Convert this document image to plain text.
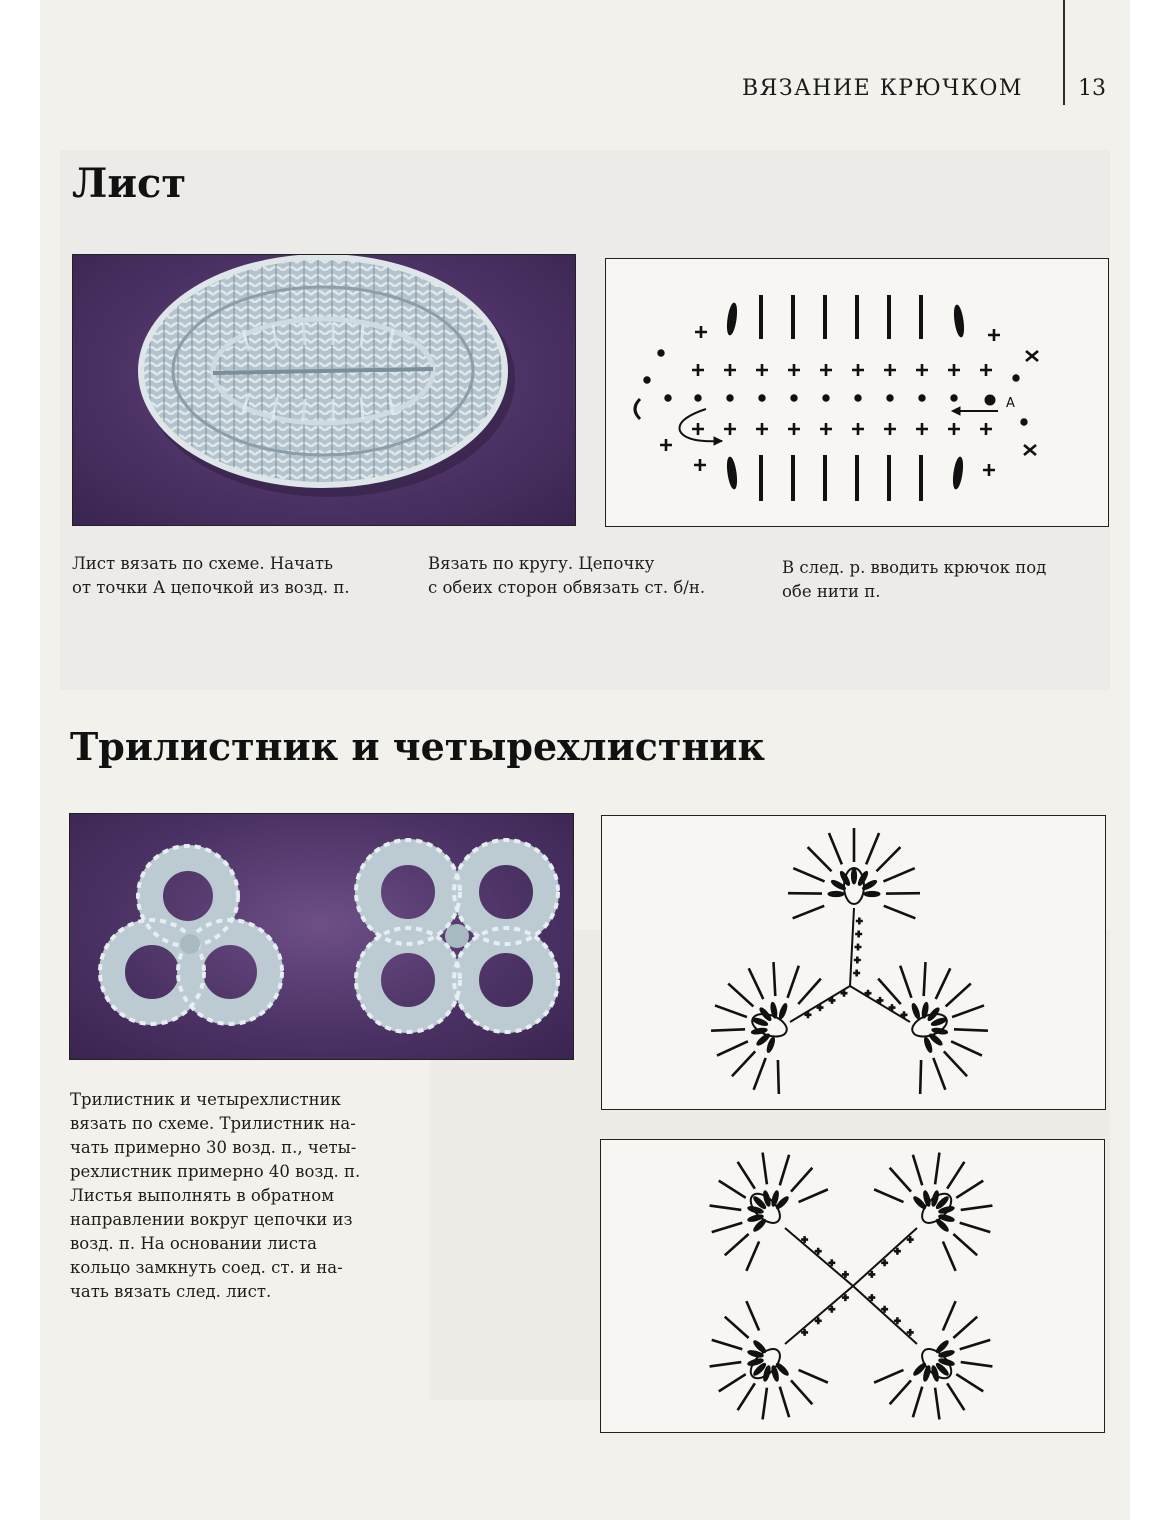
ВЯЗАНИЕ КРЮЧКОМ	13
Лист
A

Лист вязать по схеме. Начать
от точки А цепочкой из возд. п.

Вязать по кругу. Цепочку
с обеих сторон обвязать ст. б/н.

В след. р. вводить крючок под
обе нити п.

Трилистник и четырехлистник

Трилистник и четырехлистник
вязать по схеме. Трилистник на-
чать примерно 30 возд. п., четы-
рехлистник примерно 40 возд. п.
Листья выполнять в обратном
направлении вокруг цепочки из
возд. п. На основании листа
кольцо замкнуть соед. ст. и на-
чать вязать след. лист.
